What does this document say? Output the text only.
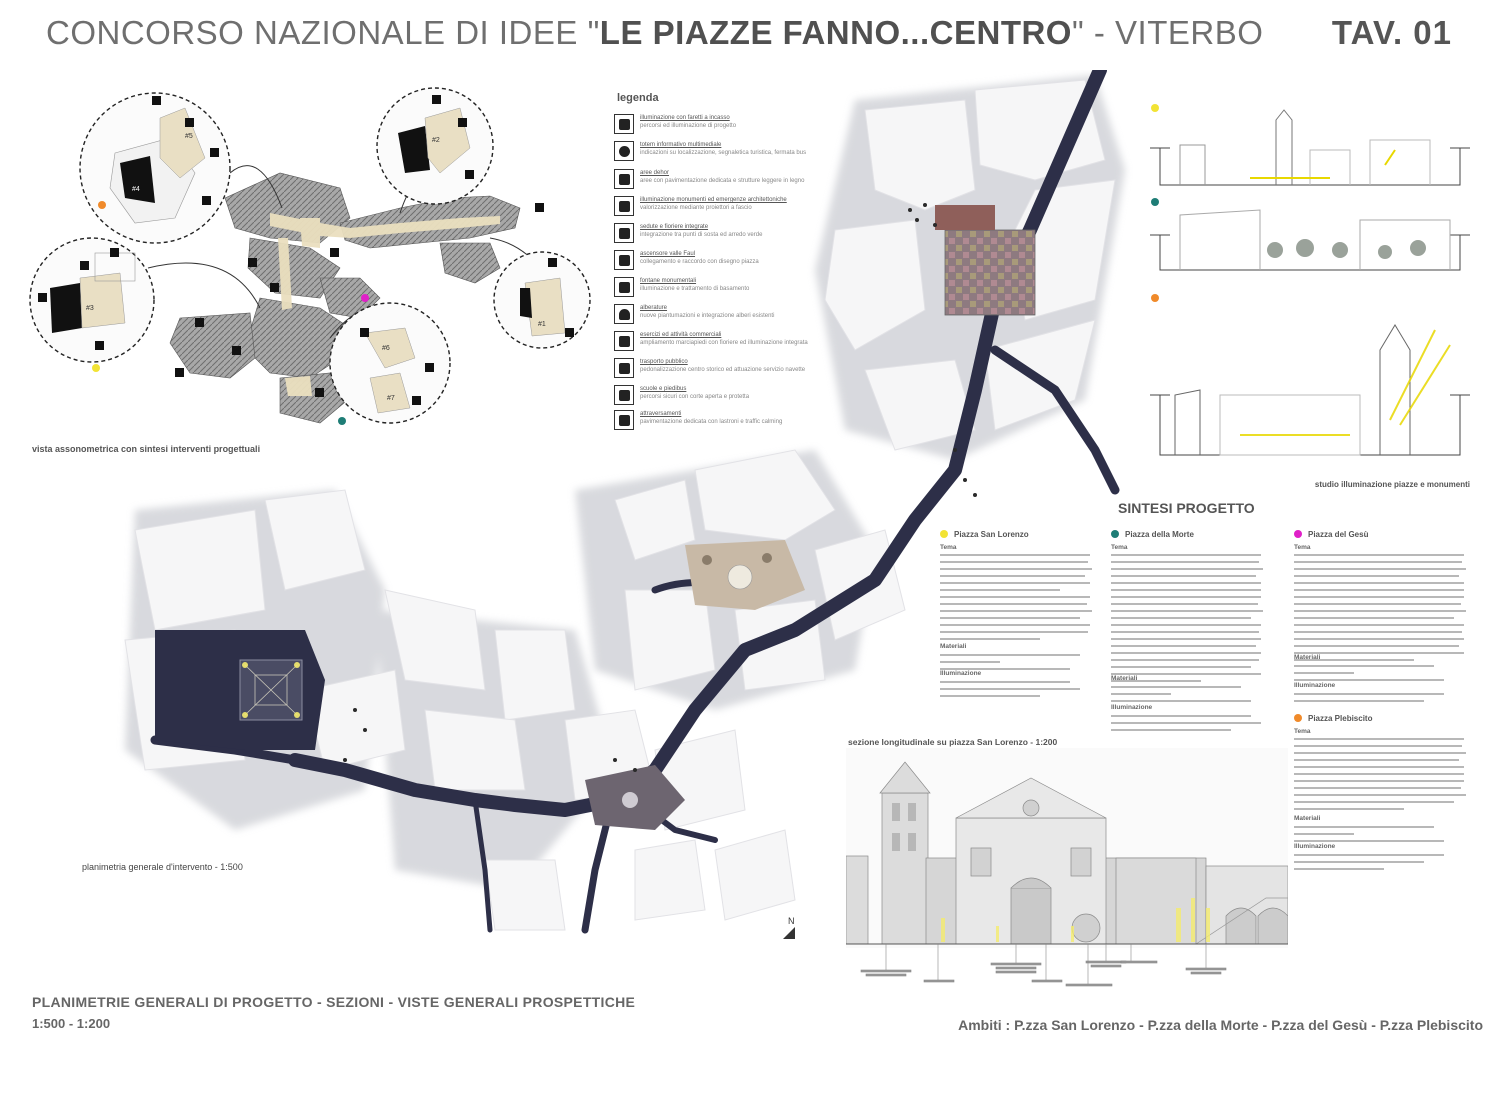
CONCORSO NAZIONALE DI IDEE "LE PIAZZE FANNO...CENTRO" - VITERBO TAV. 01
#4
#5
#2
#3
#1
#6
#7
vista assonometrica con sintesi interventi progettuali
legenda
illuminazione con faretti a incasso
percorsi ed illuminazione di progetto
totem informativo multimediale
indicazioni su localizzazione, segnaletica turistica, fermata bus
aree dehor
aree con pavimentazione dedicata e strutture leggere in legno
illuminazione monumenti ed emergenze architettoniche
valorizzazione mediante proiettori a fascio
sedute e fioriere integrate
integrazione tra punti di sosta ed arredo verde
ascensore valle Faul
collegamento e raccordo con disegno piazza
fontane monumentali
illuminazione e trattamento di basamento
alberature
nuove piantumazioni e integrazione alberi esistenti
esercizi ed attività commerciali
ampliamento marciapiedi con fioriere ed illuminazione integrata
trasporto pubblico
pedonalizzazione centro storico ed attuazione servizio navette
scuole e piedibus
percorsi sicuri con corte aperta e protetta
attraversamenti
pavimentazione dedicata con lastroni e traffic calming
planimetria generale d'intervento - 1:500
N
studio illuminazione piazze e monumenti
SINTESI PROGETTO
Piazza San Lorenzo
Tema
Materiali
Illuminazione
Piazza della Morte
Tema
Materiali
Illuminazione
Piazza del Gesù
Tema
Materiali
Illuminazione
Piazza Plebiscito
Tema
Materiali
Illuminazione
sezione longitudinale su piazza San Lorenzo - 1:200
PLANIMETRIE GENERALI DI PROGETTO - SEZIONI - VISTE GENERALI PROSPETTICHE
1:500 - 1:200	Ambiti : P.zza San Lorenzo - P.zza della Morte - P.zza del Gesù - P.zza Plebiscito
